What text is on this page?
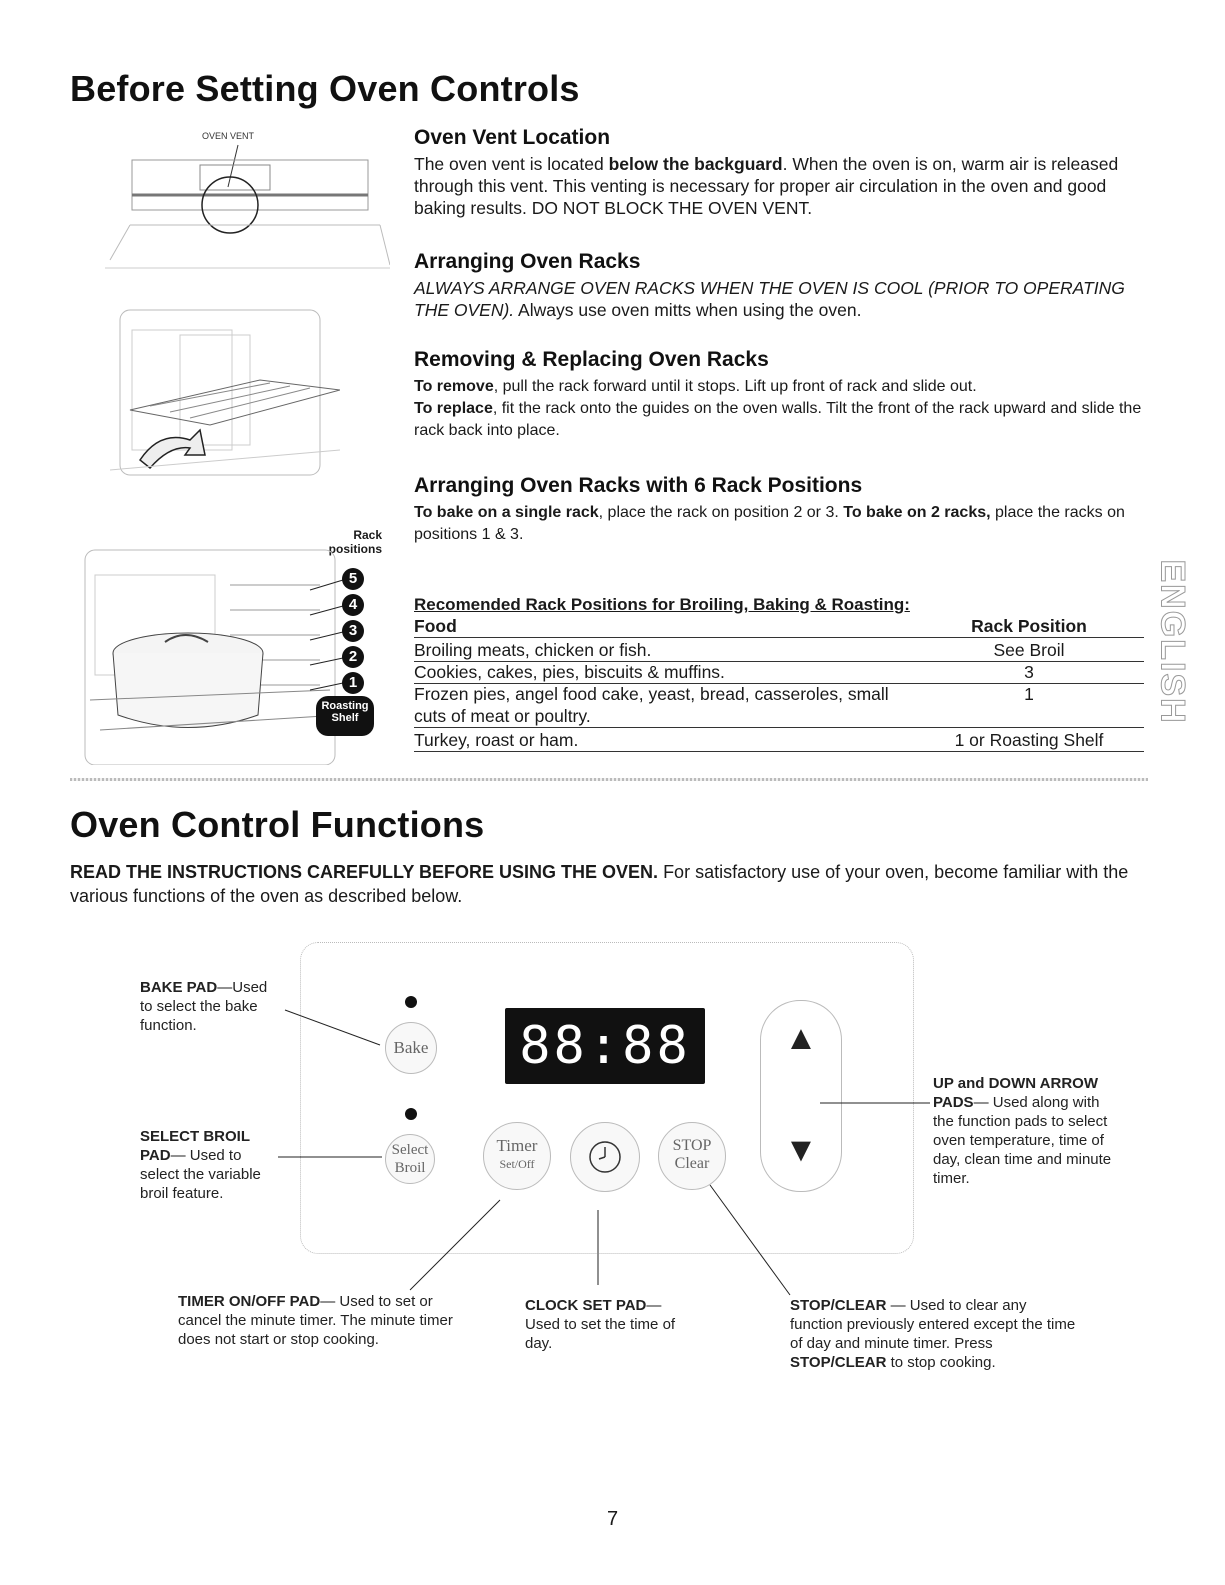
Before Setting Oven Controls
OVEN VENT
Rack positions
5
4
3
2
1
Roasting Shelf
Oven Vent Location
The oven vent is located below the backguard. When the oven is on, warm air is released through this vent. This venting is necessary for proper air circulation in the oven and good baking results. DO NOT BLOCK THE OVEN VENT.
Arranging Oven Racks
ALWAYS ARRANGE OVEN RACKS WHEN THE OVEN IS COOL (PRIOR TO OPERATING THE OVEN). Always use oven mitts when using the oven.
Removing & Replacing Oven Racks
To remove, pull the rack forward until it stops. Lift up front of rack and slide out.
To replace, fit the rack onto the guides on the oven walls. Tilt the front of the rack upward and slide the rack back into place.
Arranging Oven Racks with 6 Rack Positions
To bake on a single rack, place the rack on position 2 or 3. To bake on 2 racks, place the racks on positions 1 & 3.
Recomended Rack Positions for Broiling, Baking & Roasting:
Food	Rack Position
Broiling meats, chicken or fish.	See Broil
Cookies, cakes, pies, biscuits & muffins.	3
Frozen pies, angel food cake, yeast, bread, casseroles, small	1
cuts of meat or poultry.
Turkey, roast or ham.	1 or Roasting Shelf
ENGLISH
Oven Control Functions
READ THE INSTRUCTIONS CAREFULLY BEFORE USING THE OVEN. For satisfactory use of your oven, become familiar with the various functions of the oven as described below.
Bake
Select
Broil
88:88
Timer
Set/Off
STOP
Clear
▲
▼
BAKE PAD—Used to select the bake function.
SELECT BROIL PAD— Used to select the variable broil feature.
UP and DOWN ARROW PADS— Used along with the function pads to select oven temperature, time of day, clean time and minute timer.
TIMER ON/OFF PAD— Used to set or cancel the minute timer. The minute timer does not start or stop cooking.
CLOCK SET PAD— Used to set the time of day.
STOP/CLEAR — Used to clear any function previously entered except the time of day and minute timer. Press STOP/CLEAR to stop cooking.
7
